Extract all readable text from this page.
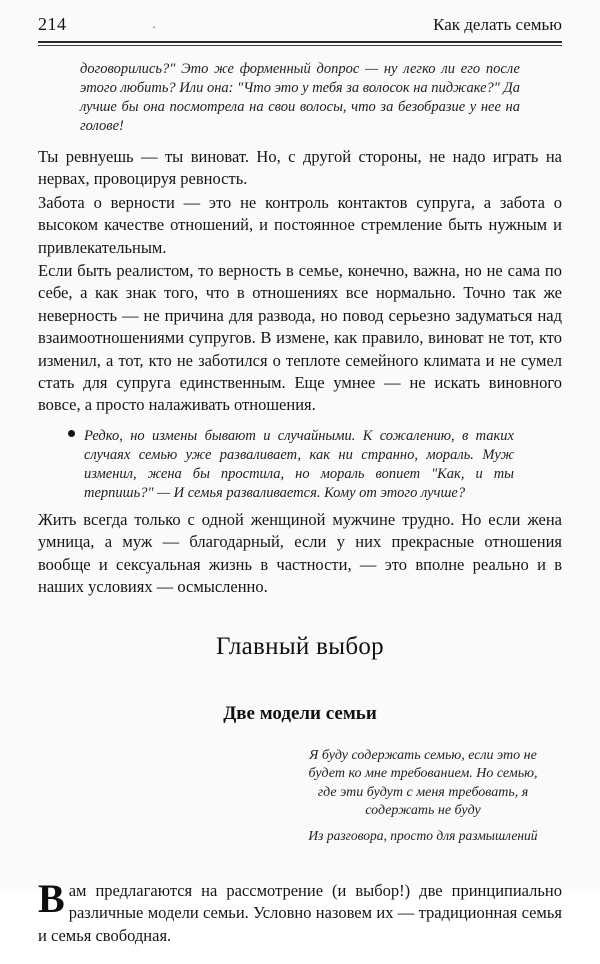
214	Как делать семью
·

договорились?" Это же форменный допрос — ну легко ли его после этого любить? Или она: "Что это у тебя за волосок на пиджаке?" Да лучше бы она посмотрела на свои волосы, что за безобразие у нее на голове!

Ты ревнуешь — ты виноват. Но, с другой стороны, не надо играть на нервах, провоцируя ревность.

Забота о верности — это не контроль контактов супруга, а забота о высоком качестве отношений, и постоянное стремление быть нужным и привлекательным.

Если быть реалистом, то верность в семье, конечно, важна, но не сама по себе, а как знак того, что в отношениях все нормально. Точно так же неверность — не причина для развода, но повод серьезно задуматься над взаимоотношениями супругов. В измене, как правило, виноват не тот, кто изменил, а тот, кто не заботился о теплоте семейного климата и не сумел стать для супруга единственным. Еще умнее — не искать виновного вовсе, а просто налаживать отношения.

Редко, но измены бывают и случайными. К сожалению, в таких случаях семью уже разваливает, как ни странно, мораль. Муж изменил, жена бы простила, но мораль вопиет "Как, и ты терпишь?" — И семья разваливается. Кому от этого лучше?

Жить всегда только с одной женщиной мужчине трудно. Но если жена умница, а муж — благодарный, если у них прекрасные отношения вообще и сексуальная жизнь в частности, — это вполне реально и в наших условиях — осмысленно.

Главный выбор
Две модели семьи

Я буду содержать семью, если это не будет ко мне требованием. Но семью, где эти будут с меня требовать, я содержать не буду

Из разговора, просто для размышлений

В ам предлагаются на рассмотрение (и выбор!) две принципиально различные модели семьи. Условно назовем их — традиционная семья и семья свободная.
